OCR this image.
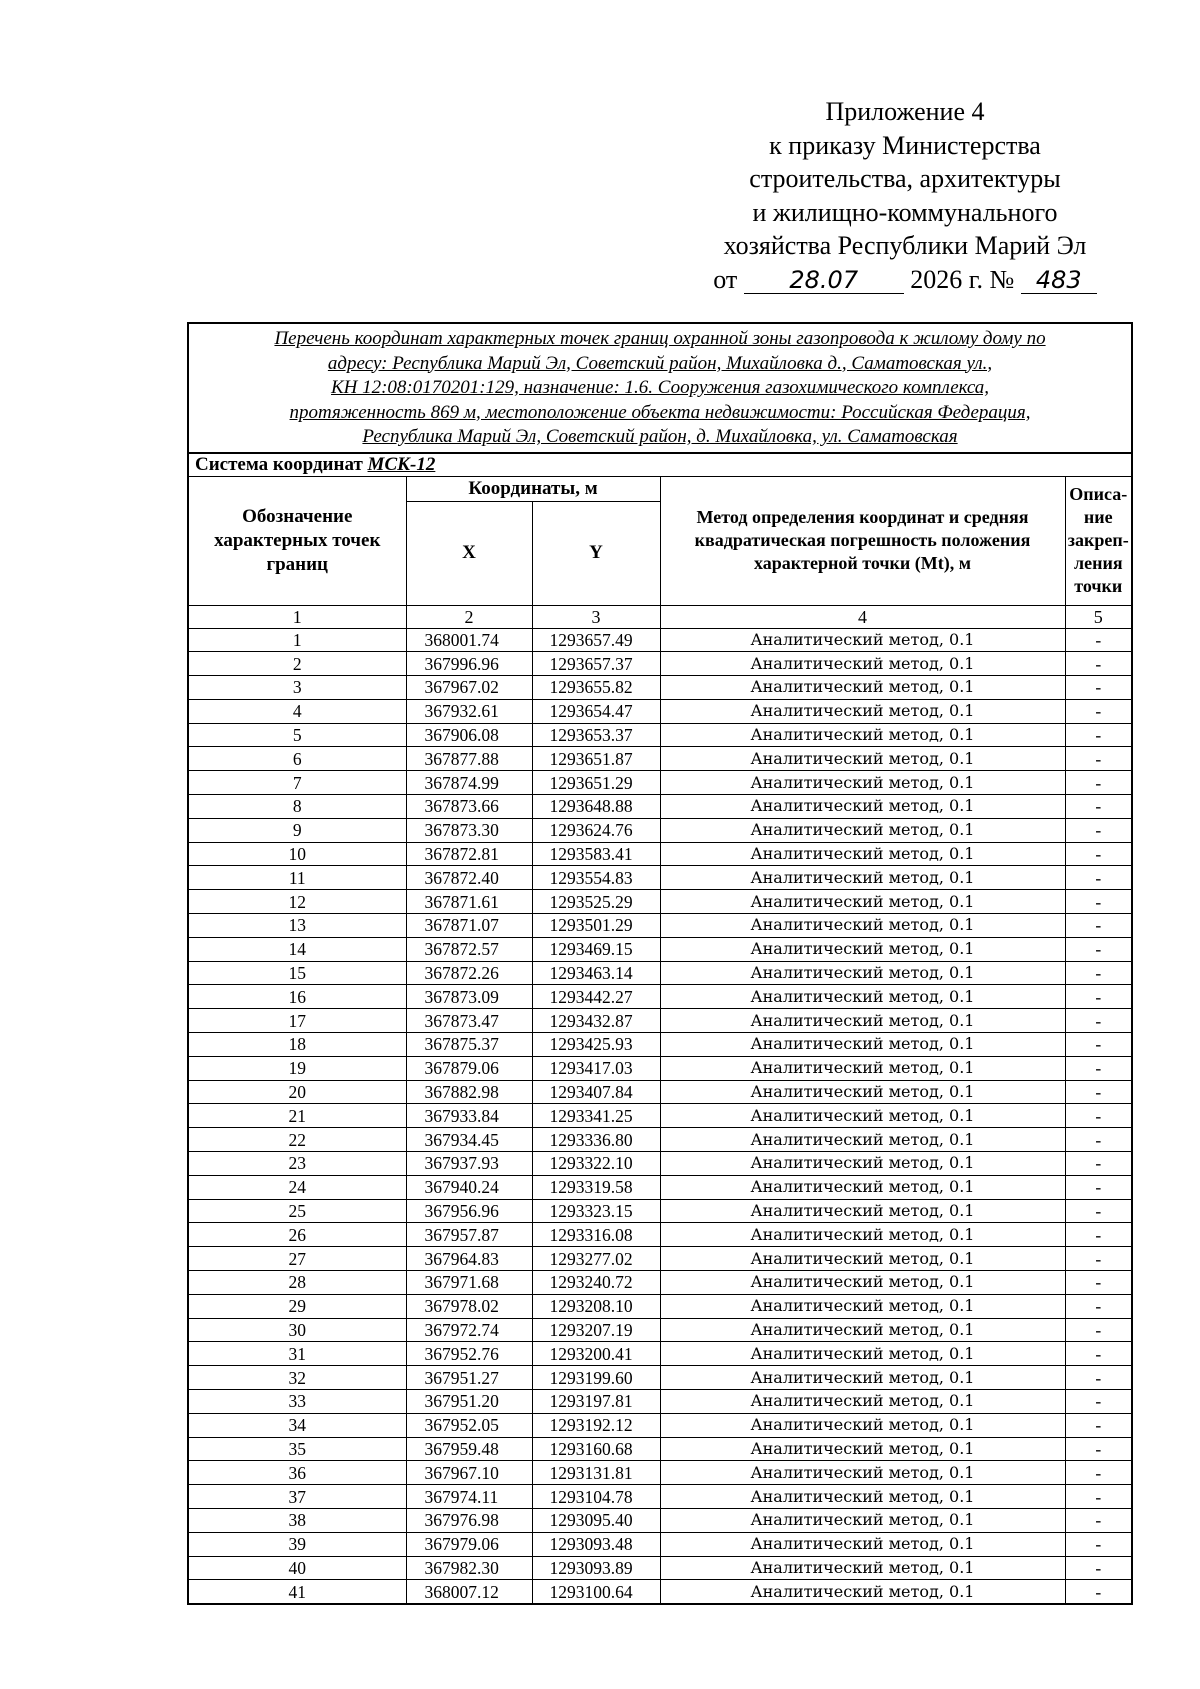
Приложение 4
к приказу Министерства
строительства, архитектуры
и жилищно-коммунального
хозяйства Республики Марий Эл
от 28.07 2026 г. № 483
Перечень координат характерных точек границ охранной зоны газопровода к жилому дому по
адресу: Республика Марий Эл, Советский район, Михайловка д., Саматовская ул.,
КН 12:08:0170201:129, назначение: 1.6. Сооружения газохимического комплекса,
протяженность 869 м, местоположение объекта недвижимости: Российская Федерация,
Республика Марий Эл, Советский район, д. Михайловка, ул. Саматовская				

Система координат МСК-12				
Обозначение характерных точек границ	Координаты, м		Метод определения координат и средняя квадратическая погрешность положения характерной точки (Mt), м	Описа-ние закреп-ления точки
	X	Y		
1	2	3	4	5
1	368001.74	1293657.49	Аналитический метод, 0.1	-
2	367996.96	1293657.37	Аналитический метод, 0.1	-
3	367967.02	1293655.82	Аналитический метод, 0.1	-
4	367932.61	1293654.47	Аналитический метод, 0.1	-
5	367906.08	1293653.37	Аналитический метод, 0.1	-
6	367877.88	1293651.87	Аналитический метод, 0.1	-
7	367874.99	1293651.29	Аналитический метод, 0.1	-
8	367873.66	1293648.88	Аналитический метод, 0.1	-
9	367873.30	1293624.76	Аналитический метод, 0.1	-
10	367872.81	1293583.41	Аналитический метод, 0.1	-
11	367872.40	1293554.83	Аналитический метод, 0.1	-
12	367871.61	1293525.29	Аналитический метод, 0.1	-
13	367871.07	1293501.29	Аналитический метод, 0.1	-
14	367872.57	1293469.15	Аналитический метод, 0.1	-
15	367872.26	1293463.14	Аналитический метод, 0.1	-
16	367873.09	1293442.27	Аналитический метод, 0.1	-
17	367873.47	1293432.87	Аналитический метод, 0.1	-
18	367875.37	1293425.93	Аналитический метод, 0.1	-
19	367879.06	1293417.03	Аналитический метод, 0.1	-
20	367882.98	1293407.84	Аналитический метод, 0.1	-
21	367933.84	1293341.25	Аналитический метод, 0.1	-
22	367934.45	1293336.80	Аналитический метод, 0.1	-
23	367937.93	1293322.10	Аналитический метод, 0.1	-
24	367940.24	1293319.58	Аналитический метод, 0.1	-
25	367956.96	1293323.15	Аналитический метод, 0.1	-
26	367957.87	1293316.08	Аналитический метод, 0.1	-
27	367964.83	1293277.02	Аналитический метод, 0.1	-
28	367971.68	1293240.72	Аналитический метод, 0.1	-
29	367978.02	1293208.10	Аналитический метод, 0.1	-
30	367972.74	1293207.19	Аналитический метод, 0.1	-
31	367952.76	1293200.41	Аналитический метод, 0.1	-
32	367951.27	1293199.60	Аналитический метод, 0.1	-
33	367951.20	1293197.81	Аналитический метод, 0.1	-
34	367952.05	1293192.12	Аналитический метод, 0.1	-
35	367959.48	1293160.68	Аналитический метод, 0.1	-
36	367967.10	1293131.81	Аналитический метод, 0.1	-
37	367974.11	1293104.78	Аналитический метод, 0.1	-
38	367976.98	1293095.40	Аналитический метод, 0.1	-
39	367979.06	1293093.48	Аналитический метод, 0.1	-
40	367982.30	1293093.89	Аналитический метод, 0.1	-
41	368007.12	1293100.64	Аналитический метод, 0.1	-
